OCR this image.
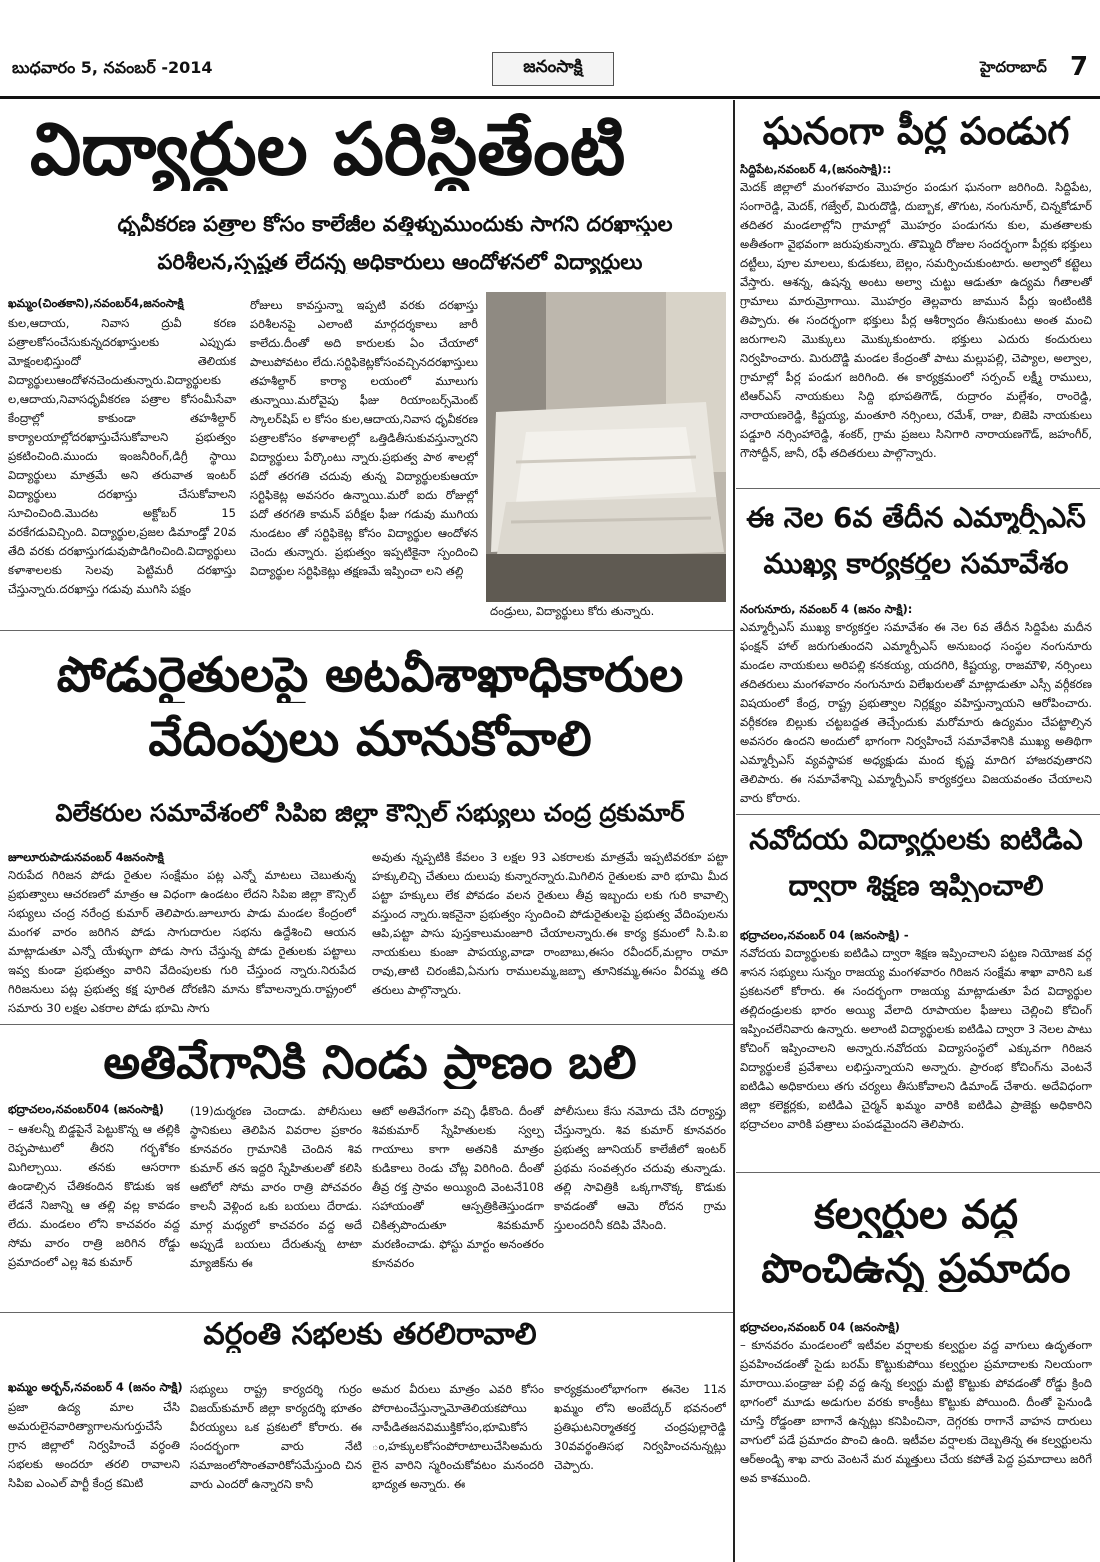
బుధవారం 5, నవంబర్ -2014	జనంసాక్షి	హైదరాబాద్ 7
విద్యార్థుల పరిస్థితేంటి
ధృవీకరణ పత్రాల కోసం కాలేజీల వత్తిళ్ళుముందుకు సాగని దరఖాస్తుల
పరిశీలన,స్పష్టత లేదన్న అధికారులు ఆందోళనలో విద్యార్థులు
ఖమ్మం(చింతకాని),నవంబర్4,జనంసాక్షి
కుల,ఆదాయ, నివాస ద్రువీ కరణ పత్రాలకోసంచేసుకున్నదరఖాస్తులకు ఎప్పుడు మోక్షంలభిస్తుందో తెలియక విద్యార్థులుఆందోళనచెందుతున్నారు.విద్యార్థులకు ల,ఆదాయ,నివాసధృవీకరణ పత్రాల కోసంమీసేవా కేంద్రాల్లో కాకుండా తహశీల్దార్ కార్యాలయాల్లోదరఖాస్తుచేసుకోవాలని ప్రభుత్వం ప్రకటించింది.ముందు ఇంజనీరింగ్,డిగ్రీ స్థాయి విద్యార్థులు మాత్రమే అని తరువాత ఇంటర్ విద్యార్థులు దరఖాస్తు చేసుకోవాలని సూచించింది.మొదట అక్టోబర్ 15 వరకేగడువిచ్చింది. విద్యార్థుల,ప్రజల డిమాండ్తో 20వ తేది వరకు దరఖాస్తుగడువుపొడిగించింది.విద్యార్థులు కళాశాలలకు సెలవు పెట్టిమరీ దరఖాస్తు చేస్తున్నారు.దరఖాస్తు గడువు ముగిసి పక్షం
రోజులు కావస్తున్నా ఇప్పటి వరకు దరఖాస్తు పరిశీలనపై ఎలాంటి మార్గదర్శకాలు జారీ కాలేదు.దీంతో అది కారులకు ఏం చేయాలో పాలుపోవటం లేదు.సర్టిఫికెట్లకోసంవచ్చినదరఖాస్తులు తహశీల్దార్ కార్యా లయంలో మూలుగు తున్నాయి.మరోవైపు ఫీజు రియాంబర్స్‌మెంట్ స్కాలర్‌షిప్ ల కోసం కుల,ఆదాయ,నివాస ధృవీకరణ పత్రాలకోసం కళాశాలల్లో ఒత్తిడితీసుకువస్తున్నారని విద్యార్థులు పేర్కొంటు న్నారు.ప్రభుత్వ పాఠ శాలల్లో పదో తరగతి చదువు తున్న విద్యార్థులకుఆయా సర్టిఫికెట్ల అవసరం ఉన్నాయి.మరో ఐదు రోజుల్లో పదో తరగతి కామన్ పరీక్షల ఫీజు గడువు ముగియ నుండటం తో సర్టిఫికెట్ల కోసం విద్యార్థుల ఆందోళన చెందు తున్నారు. ప్రభుత్వం ఇప్పటికైనా స్పందించి విద్యార్థుల సర్టిఫికెట్లు తక్షణమే ఇప్పించా లని తల్లి
దండ్రులు, విద్యార్థులు కోరు తున్నారు.
పోడురైతులపై అటవీశాఖాధికారుల
వేదింపులు మానుకోవాలి
విలేకరుల సమావేశంలో సిపిఐ జిల్లా కౌన్సిల్ సభ్యులు చంద్ర ద్రకుమార్
జూలూరుపాడునవంబర్ 4జనంసాక్షి
నిరుపేద గిరిజన పోడు రైతుల సంక్షేమం పట్ల ఎన్నో మాటలు చెబుతున్న ప్రభుత్వాలు ఆచరణలో మాత్రం ఆ విధంగా ఉండటం లేదని సిపిఐ జిల్లా కౌన్సిల్ సభ్యులు చంద్ర నరేంద్ర కుమార్ తెలిపారు.జూలూరు పాడు మండల కేంద్రంలో మంగళ వారం జరిగిన పోడు సాగుదారుల సభను ఉద్దేశించి ఆయన మాట్లాడుతూ ఎన్నో యేళ్ళుగా పోడు సాగు చేస్తున్న పోడు రైతులకు పట్టాలు ఇవ్వ కుండా ప్రభుత్వం వారిని వేదింపులకు గురి చేస్తుంద న్నారు.నిరుపేద గిరిజనులు పట్ల ప్రభుత్వ కక్ష పూరిత దోరణిని మాను కోవాలన్నారు.రాష్ట్రంలో సమారు 30 లక్షల ఎకరాల పోడు భూమి సాగు
అవుతు న్నప్పటికి కేవలం 3 లక్షల 93 ఎకరాలకు మాత్రమే ఇప్పటివరకూ పట్టా హక్కులిచ్చి చేతులు దులుపు కున్నారన్నారు.మిగిలిన రైతులకు వారి భూమి మీద పట్టా హక్కులు లేక పోవడం వలన రైతులు తీవ్ర ఇబ్బందు లకు గురి కావాల్సి వస్తుంద న్నారు.ఇకనైనా ప్రభుత్వం స్పందించి పోడురైతులపై ప్రభుత్వ వేదింపులను ఆపి,పట్టా పాసు పుస్తకాలుమంజూరి చేయాలన్నారు.ఈ కార్య క్రమంలో సి.పి.ఐ నాయకులు కుంజా పాపయ్య,వాడా రాంబాబు,ఈసం రవీందర్,మల్లాం రామా రావు,తాటి చిరంజీవి,ఏనుగు రాములమ్మ,జబ్బా తూనికమ్మ,ఈసం వీరమ్మ తది తరులు పాల్గొన్నారు.
అతివేగానికి నిండు ప్రాణం బలి
భద్రాచలం,నవంబర్04 (జనంసాక్షి)
– ఆశలన్నీ బిడ్డపైనే పెట్టుకొన్న ఆ తల్లికి రెప్పపాటులో తీరని గర్భశోకం మిగిల్చాయి. తనకు ఆసరాగా ఉండాల్సిన చేతికందిన కొడుకు ఇక లేడనే నిజాన్ని ఆ తల్లి వల్ల కావడం లేదు. మండలం లోని కాచవరం వద్ద సోమ వారం రాత్రి జరిగిన రోడ్డు ప్రమాదంలో ఎల్ల శివ కుమార్
(19)దుర్మరణ చెందాడు. పోలీసులు స్థానికులు తెలిపిన వివరాల ప్రకారం కూనవరం గ్రామానికి చెందిన శివ కుమార్ తన ఇద్దరి స్నేహితులతో కలిసి ఆటోలో సోమ వారం రాత్రి పోచవరం కాలనీ వెళ్లింద ఒకు బయలు దేరాడు. మార్గ మధ్యలో కాచవరం వద్ద అదే అప్పుడే బయలు దేరుతున్న టాటా మ్యాజిక్‌ను ఈ
ఆటో అతివేగంగా వచ్చి ఢీకొంది. దీంతో శివకుమార్ స్నేహితులకు స్వల్ప గాయాలు కాగా అతనికి మాత్రం కుడికాలు రెండు చోట్ల విరిగింది. దీంతో తీవ్ర రక్త స్రావం అయ్యింది వెంటనే108 సహాయంతో ఆస్పత్రికితెస్తుండగా చికిత్సపొందుతూ శివకుమార్ మరణించాడు. ఫోస్టు మార్టం అనంతరం కూనవరం
పోలీసులు కేసు నమోదు చేసి దర్యాప్తు చేస్తున్నారు. శివ కుమార్ కూనవరం ప్రభుత్వ జూనియర్ కాలేజీలో ఇంటర్ ప్రథమ సంవత్సరం చదువు తున్నాడు. తల్లి సావిత్రికి ఒక్కగానొక్క కొడుకు కావడంతో ఆమె రోదన గ్రామ స్తులందరినీ కదిపి వేసింది.
వర్ధంతి సభలకు తరలిరావాలి
ఖమ్మం అర్బన్,నవంబర్ 4 (జనం సాక్షి)
ప్రజా ఉద్య మాల చేసి అమరులైనవారిత్యాగాలనుగుర్తుచేసే గ్రాన జిల్లాలో నిర్వహించే వర్ధంతి సభలకు అందరూ తరలి రావాలని సిపిఐ ఎంఎల్ పార్టీ కేంద్ర కమిటి
సభ్యులు రాష్ట్ర కార్యదర్శి గుర్రం విజయ్‌కుమార్ జిల్లా కార్యదర్శి భూతం వీరయ్యలు ఒక ప్రకటలో కోరారు. ఈ సందర్భంగా వారు నేటి సమాజంలోసొంతవారికోసమేస్తుంది చిన వారు ఎందరో ఉన్నారని కానీ
అమర వీరులు మాత్రం ఎవరి కోసం పోరాటంచేస్తున్నామోతెలియకపోయి నాపీడితజనవిముక్తికోసం,భూమికోస ం,హక్కులకోసంపోరాటాలుచేసిఅమరు లైన వారిని స్మరించుకోవటం మనందరి భాద్యత అన్నారు. ఈ
కార్యక్రమంలోభాగంగా ఈనెల 11న ఖమ్మం లోని అంబేద్కర్ భవనంలో ప్రతిఘటనిర్మాతకర్త చంద్రపుల్లారెడ్డి 30వవర్థంతిసభ నిర్వహించనున్నట్లు చెప్పారు.
ఘనంగా పీర్ల పండుగ
సిద్దిపేట,నవంబర్ 4,(జనంసాక్షి)::
మెదక్ జిల్లాలో మంగళవారం మొహర్రం పండుగ ఘనంగా జరిగింది. సిద్దిపేట, సంగారెడ్డి, మెదక్, గజ్వేల్, మిరుదొడ్డి, దుబ్బాక, తొగుట, నంగునూర్, చిన్నకోడూర్ తదితర మండలాల్లోని గ్రామాల్లో మొహర్రం పండుగను కుల, మతతాలకు అతీతంగా వైభవంగా జరుపుకున్నారు. తొమ్మిది రోజుల సందర్భంగా పీర్లకు భక్తులు దట్టీలు, పూల మాలలు, కుడుకలు, బెల్లం, సమర్పించుకుంటారు. అల్వాలో కట్టెలు వేస్తారు. ఆశన్న, ఉషన్న అంటు అల్వా చుట్టు ఆడుతూ ఉద్యమ గీతాలతో గ్రామాలు మారుమ్రోగాయి. మొహర్రం తెల్లవారు జామున పీర్లు ఇంటింటికి తిప్పారు. ఈ సందర్భంగా భక్తులు పీర్ల ఆశీర్వాదం తీసుకుంటు అంత మంచి జరుగాలని మొక్కులు మొక్కుకుంటారు. భక్తులు ఎదురు కందురులు నిర్వహించారు. మిరుదొడ్డి మండల కేంద్రంతో పాటు మల్లుపల్లి, చెప్యాల, అల్వాల, గ్రామాల్లో పీర్ల పండుగ జరిగింది. ఈ కార్యక్రమంలో సర్పంచ్ లక్ష్మీ రాములు, టిఆర్ఎస్ నాయకులు సిద్ది భూపతిగౌడ్, రుద్రారం మల్లేశం, రాంరెడ్డి, నారాయణరెడ్డి, కిష్టయ్య, మంతూరి నర్సింలు, రమేశ్, రాజు, బిజెపి నాయకులు పడ్డూరి నర్సింహారెడ్డి, శంకర్, గ్రామ ప్రజలు సినిగారి నారాయణగౌడ్, జహంగీర్, గౌసోద్దీన్, జానీ, రఫీ తదితరులు పాల్గొన్నారు.
ఈ నెల 6వ తేదీన ఎమ్మార్పీఎస్
ముఖ్య కార్యకర్తల సమావేశం
నంగునూరు, నవంబర్ 4 (జనం సాక్షి):
ఎమ్మార్పీఎస్ ముఖ్య కార్యకర్తల సమావేశం ఈ నెల 6వ తేదీన సిద్దిపేట మదీన ఫంక్షన్ హాల్ జరుగుతుందని ఎమ్మార్పీఎస్ అనుబంధ సంస్థల నంగునూరు మండల నాయకులు అరిపల్లి కనకయ్య, యదగిరి, కిష్టయ్య, రాజమౌళి, నర్సింలు తదితరులు మంగళవారం నంగునూరు విలేఖరులతో మాట్లాడుతూ ఎస్సీ వర్గీకరణ విషయంలో కేంద్ర, రాష్ట్ర ప్రభుత్వాల నిర్లక్ష్యం వహిస్తున్నాయని ఆరోపించారు. వర్గీకరణ బిల్లుకు చట్టబద్దత తెచ్చేందుకు మరోమారు ఉద్యమం చేపట్టాల్సిన అవసరం ఉందని అందులో భాగంగా నిర్వహించే సమావేశానికి ముఖ్య అతిథిగా ఎమ్మార్పీఎస్ వ్యవస్థాపక అధ్యక్షుడు మంద కృష్ణ మాదిగ హాజరవుతారని తెలిపారు. ఈ సమావేశాన్ని ఎమ్మార్పీఎస్ కార్యకర్తలు విజయవంతం చేయాలని వారు కోరారు.
నవోదయ విద్యార్థులకు ఐటిడిఎ
ద్వారా శిక్షణ ఇప్పించాలి
భద్రాచలం,నవంబర్ 04 (జనంసాక్షి) -
నవోదయ విద్యార్థులకు ఐటిడిఎ ద్వారా శిక్షణ ఇప్పించాలని పట్టణ నియోజక వర్గ శాసన సభ్యులు సున్నం రాజయ్య మంగళవారం గిరిజన సంక్షేమ శాఖా వారిని ఒక ప్రకటనలో కోరారు. ఈ సందర్భంగా రాజయ్య మాట్లాడుతూ పేద విద్యార్థుల తల్లిదండ్రులకు భారం అయ్యి వేలాది రూపాయల ఫీజులు చెల్లించి కోచింగ్ ఇప్పించలేనివారు ఉన్నారు. అలాంటి విద్యార్థులకు ఐటిడిఎ ద్వారా 3 నెలల పాటు కోచింగ్ ఇప్పించాలని అన్నారు.నవోదయ విద్యాసంస్థలో ఎక్కువగా గిరిజన విద్యార్థులకే ప్రవేశాలు లభిస్తున్నాయని అన్నారు. ప్రారంభ కోచింగ్‌ను వెంటనే ఐటిడిఎ అధికారులు తగు చర్యలు తీసుకోవాలని డిమాండ్ చేశారు. అదేవిధంగా జిల్లా కలెక్టర్లకు, ఐటిడిఎ చైర్మన్ ఖమ్మం వారికి ఐటిడిఎ ప్రాజెక్టు అధికారిని భద్రాచలం వారికి పత్రాలు పంపడమైందని తెలిపారు.
కల్వర్టుల వద్ద
పొంచిఉన్న ప్రమాదం
భద్రాచలం,నవంబర్ 04 (జనంసాక్షి)
– కూనవరం మండలంలో ఇటీవల వర్షాలకు కల్వర్టుల వద్ద వాగులు ఉదృతంగా ప్రవహించడంతో సైడు బరమ్ కొట్టుకుపోయి కల్వర్టుల ప్రమాదాలకు నిలయంగా మారాయి.పండ్రాజు పల్లి వద్ద ఉన్న కల్వర్టు మట్టి కొట్టుకు పోవడంతో రోడ్డు క్రింది భాగంలో మూడు అడుగుల వరకు కాంక్రీటు కొట్టుకు పోయింది. దీంతో పైనుండి చూస్తే రోడ్డంతా బాగానే ఉన్నట్లు కనిపించినా, దెగ్గరకు రాగానే వాహన దారులు వాగులో పడే ప్రమాదం పొంచి ఉంది. ఇటీవల వర్షాలకు దెబ్బతిన్న ఈ కల్వర్టులను ఆర్అండ్బి శాఖ వారు వెంటనే మర మ్మత్తులు చేయ కపోతే పెద్ద ప్రమాదాలు జరిగే అవ కాశముంది.
